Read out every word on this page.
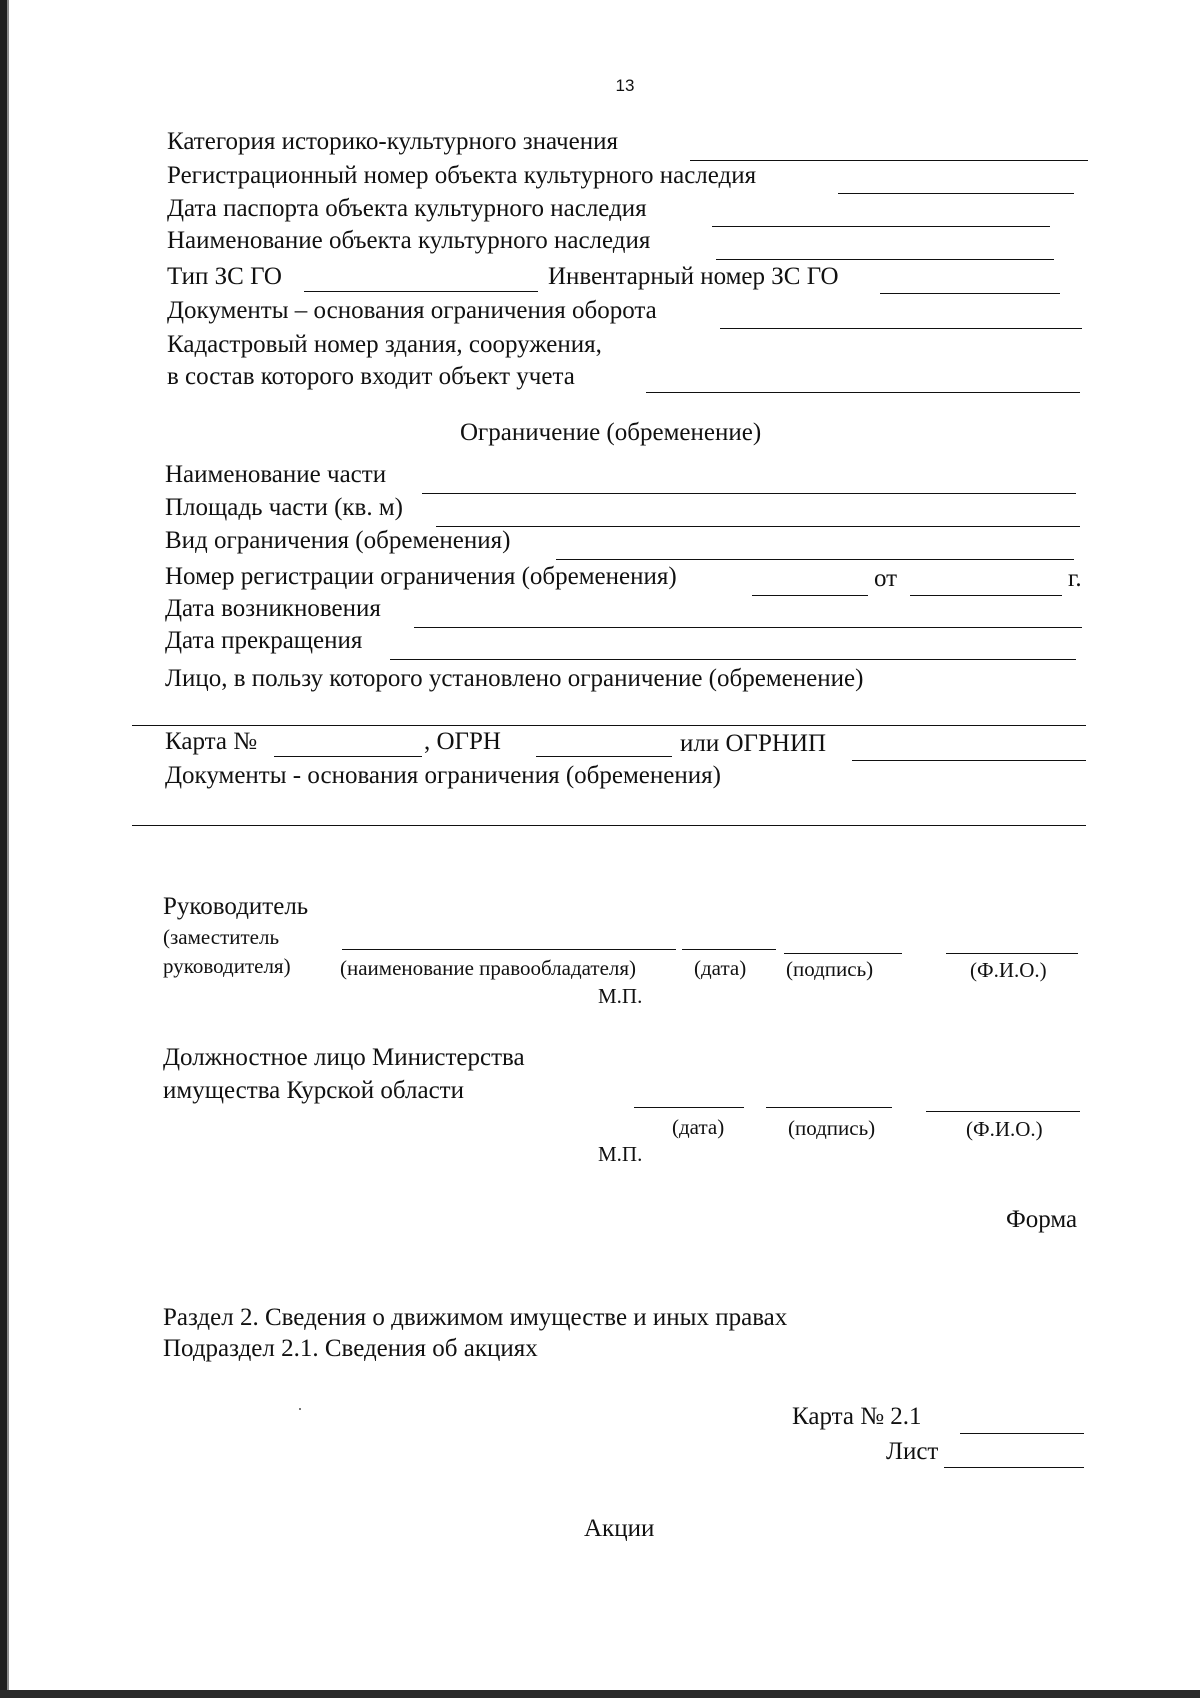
13
Категория историко-культурного значения
Регистрационный номер объекта культурного наследия
Дата паспорта объекта культурного наследия
Наименование объекта культурного наследия
Тип ЗС ГО	Инвентарный номер ЗС ГО
Документы – основания ограничения оборота
Кадастровый номер здания, сооружения,
в состав которого входит объект учета
Ограничение (обременение)
Наименование части
Площадь части (кв. м)
Вид ограничения (обременения)
Номер регистрации ограничения (обременения)	от	г.
Дата возникновения
Дата прекращения
Лицо, в пользу которого установлено ограничение (обременение)
Карта №	, ОГРН	или ОГРНИП
Документы - основания ограничения (обременения)
Руководитель
(заместитель
руководителя) (наименование правообладателя)	(дата) (подпись)	(Ф.И.О.)
М.П.
Должностное лицо Министерства
имущества Курской области
(дата)	(подпись)	(Ф.И.О.)
М.П.
Форма
Раздел 2. Сведения о движимом имуществе и иных правах
Подраздел 2.1. Сведения об акциях
Карта № 2.1
Лист
Акции
